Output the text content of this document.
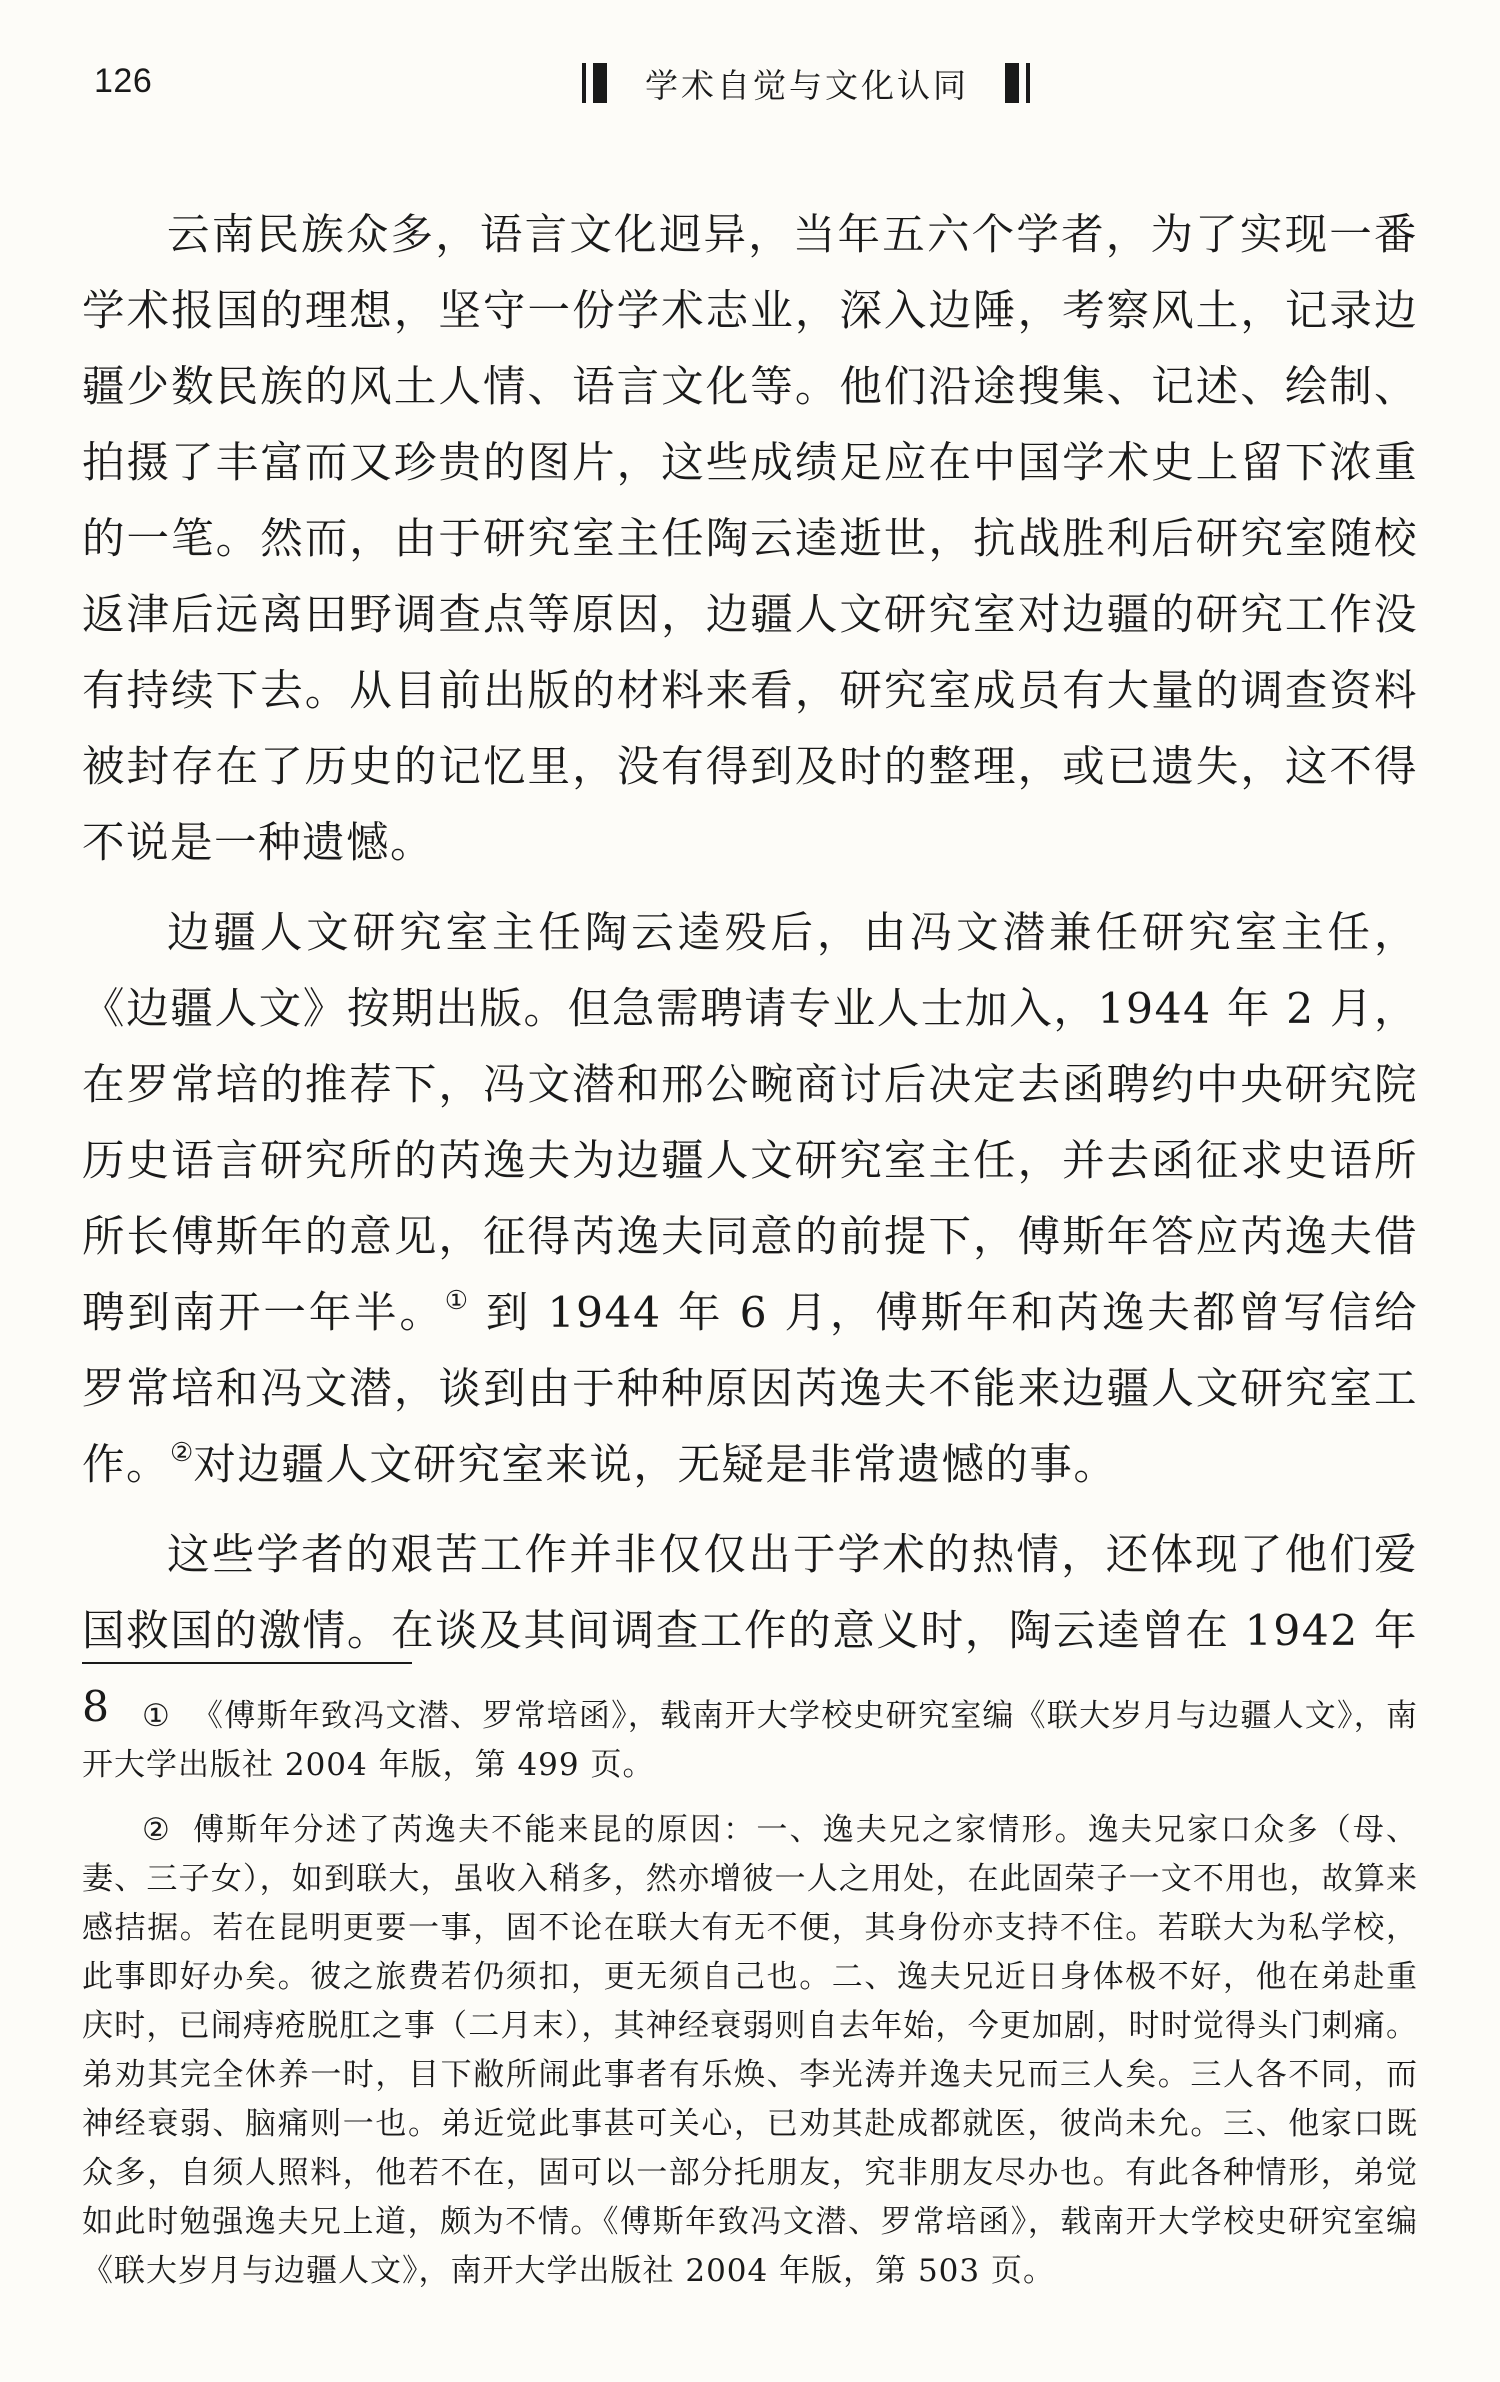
126	学术自觉与文化认同

云南民族众多，语言文化迥异，当年五六个学者，为了实现一番学术报国的理想，坚守一份学术志业，深入边陲，考察风土，记录边疆少数民族的风土人情、语言文化等。他们沿途搜集、记述、绘制、拍摄了丰富而又珍贵的图片，这些成绩足应在中国学术史上留下浓重的一笔。然而，由于研究室主任陶云逵逝世，抗战胜利后研究室随校返津后远离田野调查点等原因，边疆人文研究室对边疆的研究工作没有持续下去。从目前出版的材料来看，研究室成员有大量的调查资料被封存在了历史的记忆里，没有得到及时的整理，或已遗失，这不得不说是一种遗憾。

边疆人文研究室主任陶云逵殁后，由冯文潜兼任研究室主任，《边疆人文》按期出版。但急需聘请专业人士加入，1944 年 2 月，在罗常培的推荐下，冯文潜和邢公畹商讨后决定去函聘约中央研究院历史语言研究所的芮逸夫为边疆人文研究室主任，并去函征求史语所所长傅斯年的意见，征得芮逸夫同意的前提下，傅斯年答应芮逸夫借聘到南开一年半。① 到 1944 年 6 月，傅斯年和芮逸夫都曾写信给罗常培和冯文潜，谈到由于种种原因芮逸夫不能来边疆人文研究室工作。②对边疆人文研究室来说，无疑是非常遗憾的事。

这些学者的艰苦工作并非仅仅出于学术的热情，还体现了他们爱国救国的激情。在谈及其间调查工作的意义时，陶云逵曾在 1942 年 8	① 《傅斯年致冯文潜、罗常培函》，载南开大学校史研究室编《联大岁月与边疆人文》，南开大学出版社 2004 年版，第 499 页。

② 傅斯年分述了芮逸夫不能来昆的原因：一、逸夫兄之家情形。逸夫兄家口众多（母、妻、三子女），如到联大，虽收入稍多，然亦增彼一人之用处，在此固荣子一文不用也，故算来感拮据。若在昆明更要一事，固不论在联大有无不便，其身份亦支持不住。若联大为私学校，此事即好办矣。彼之旅费若仍须扣，更无须自己也。二、逸夫兄近日身体极不好，他在弟赴重庆时，已闹痔疮脱肛之事（二月末），其神经衰弱则自去年始，今更加剧，时时觉得头门刺痛。弟劝其完全休养一时，目下敝所闹此事者有乐焕、李光涛并逸夫兄而三人矣。三人各不同，而神经衰弱、脑痛则一也。弟近觉此事甚可关心，已劝其赴成都就医，彼尚未允。三、他家口既众多，自须人照料，他若不在，固可以一部分托朋友，究非朋友尽办也。有此各种情形，弟觉如此时勉强逸夫兄上道，颇为不情。《傅斯年致冯文潜、罗常培函》，载南开大学校史研究室编《联大岁月与边疆人文》，南开大学出版社 2004 年版，第 503 页。
